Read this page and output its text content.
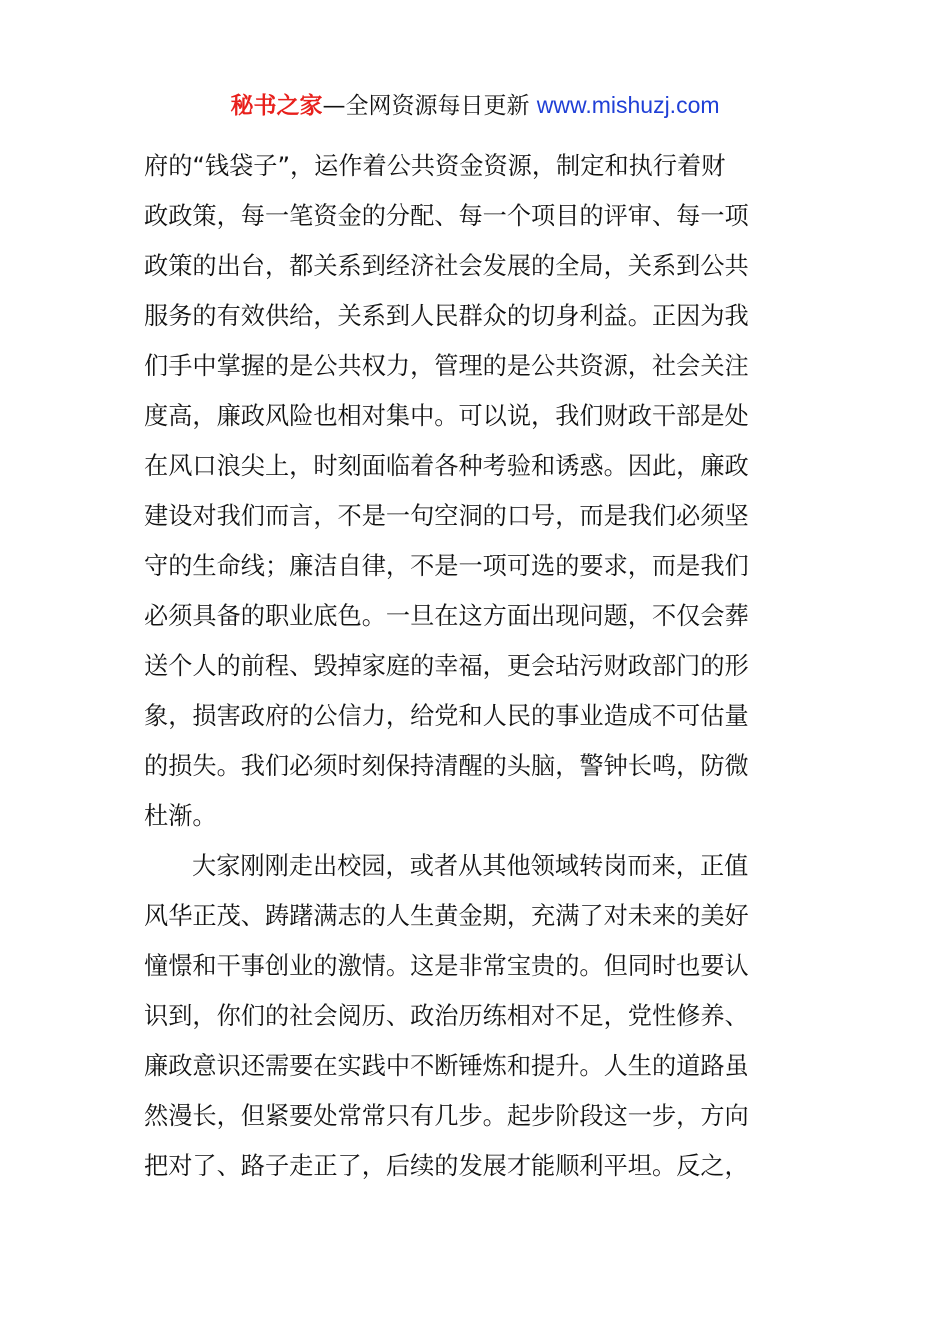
秘书之家—全网资源每日更新 www.mishuzj.com
府的“钱袋子”，运作着公共资金资源，制定和执行着财
政政策，每一笔资金的分配、每一个项目的评审、每一项
政策的出台，都关系到经济社会发展的全局，关系到公共
服务的有效供给，关系到人民群众的切身利益。正因为我
们手中掌握的是公共权力，管理的是公共资源，社会关注
度高，廉政风险也相对集中。可以说，我们财政干部是处
在风口浪尖上，时刻面临着各种考验和诱惑。因此，廉政
建设对我们而言，不是一句空洞的口号，而是我们必须坚
守的生命线；廉洁自律，不是一项可选的要求，而是我们
必须具备的职业底色。一旦在这方面出现问题，不仅会葬
送个人的前程、毁掉家庭的幸福，更会玷污财政部门的形
象，损害政府的公信力，给党和人民的事业造成不可估量
的损失。我们必须时刻保持清醒的头脑，警钟长鸣，防微
杜渐。
大家刚刚走出校园，或者从其他领域转岗而来，正值
风华正茂、踌躇满志的人生黄金期，充满了对未来的美好
憧憬和干事创业的激情。这是非常宝贵的。但同时也要认
识到，你们的社会阅历、政治历练相对不足，党性修养、
廉政意识还需要在实践中不断锤炼和提升。人生的道路虽
然漫长，但紧要处常常只有几步。起步阶段这一步，方向
把对了、路子走正了，后续的发展才能顺利平坦。反之，
